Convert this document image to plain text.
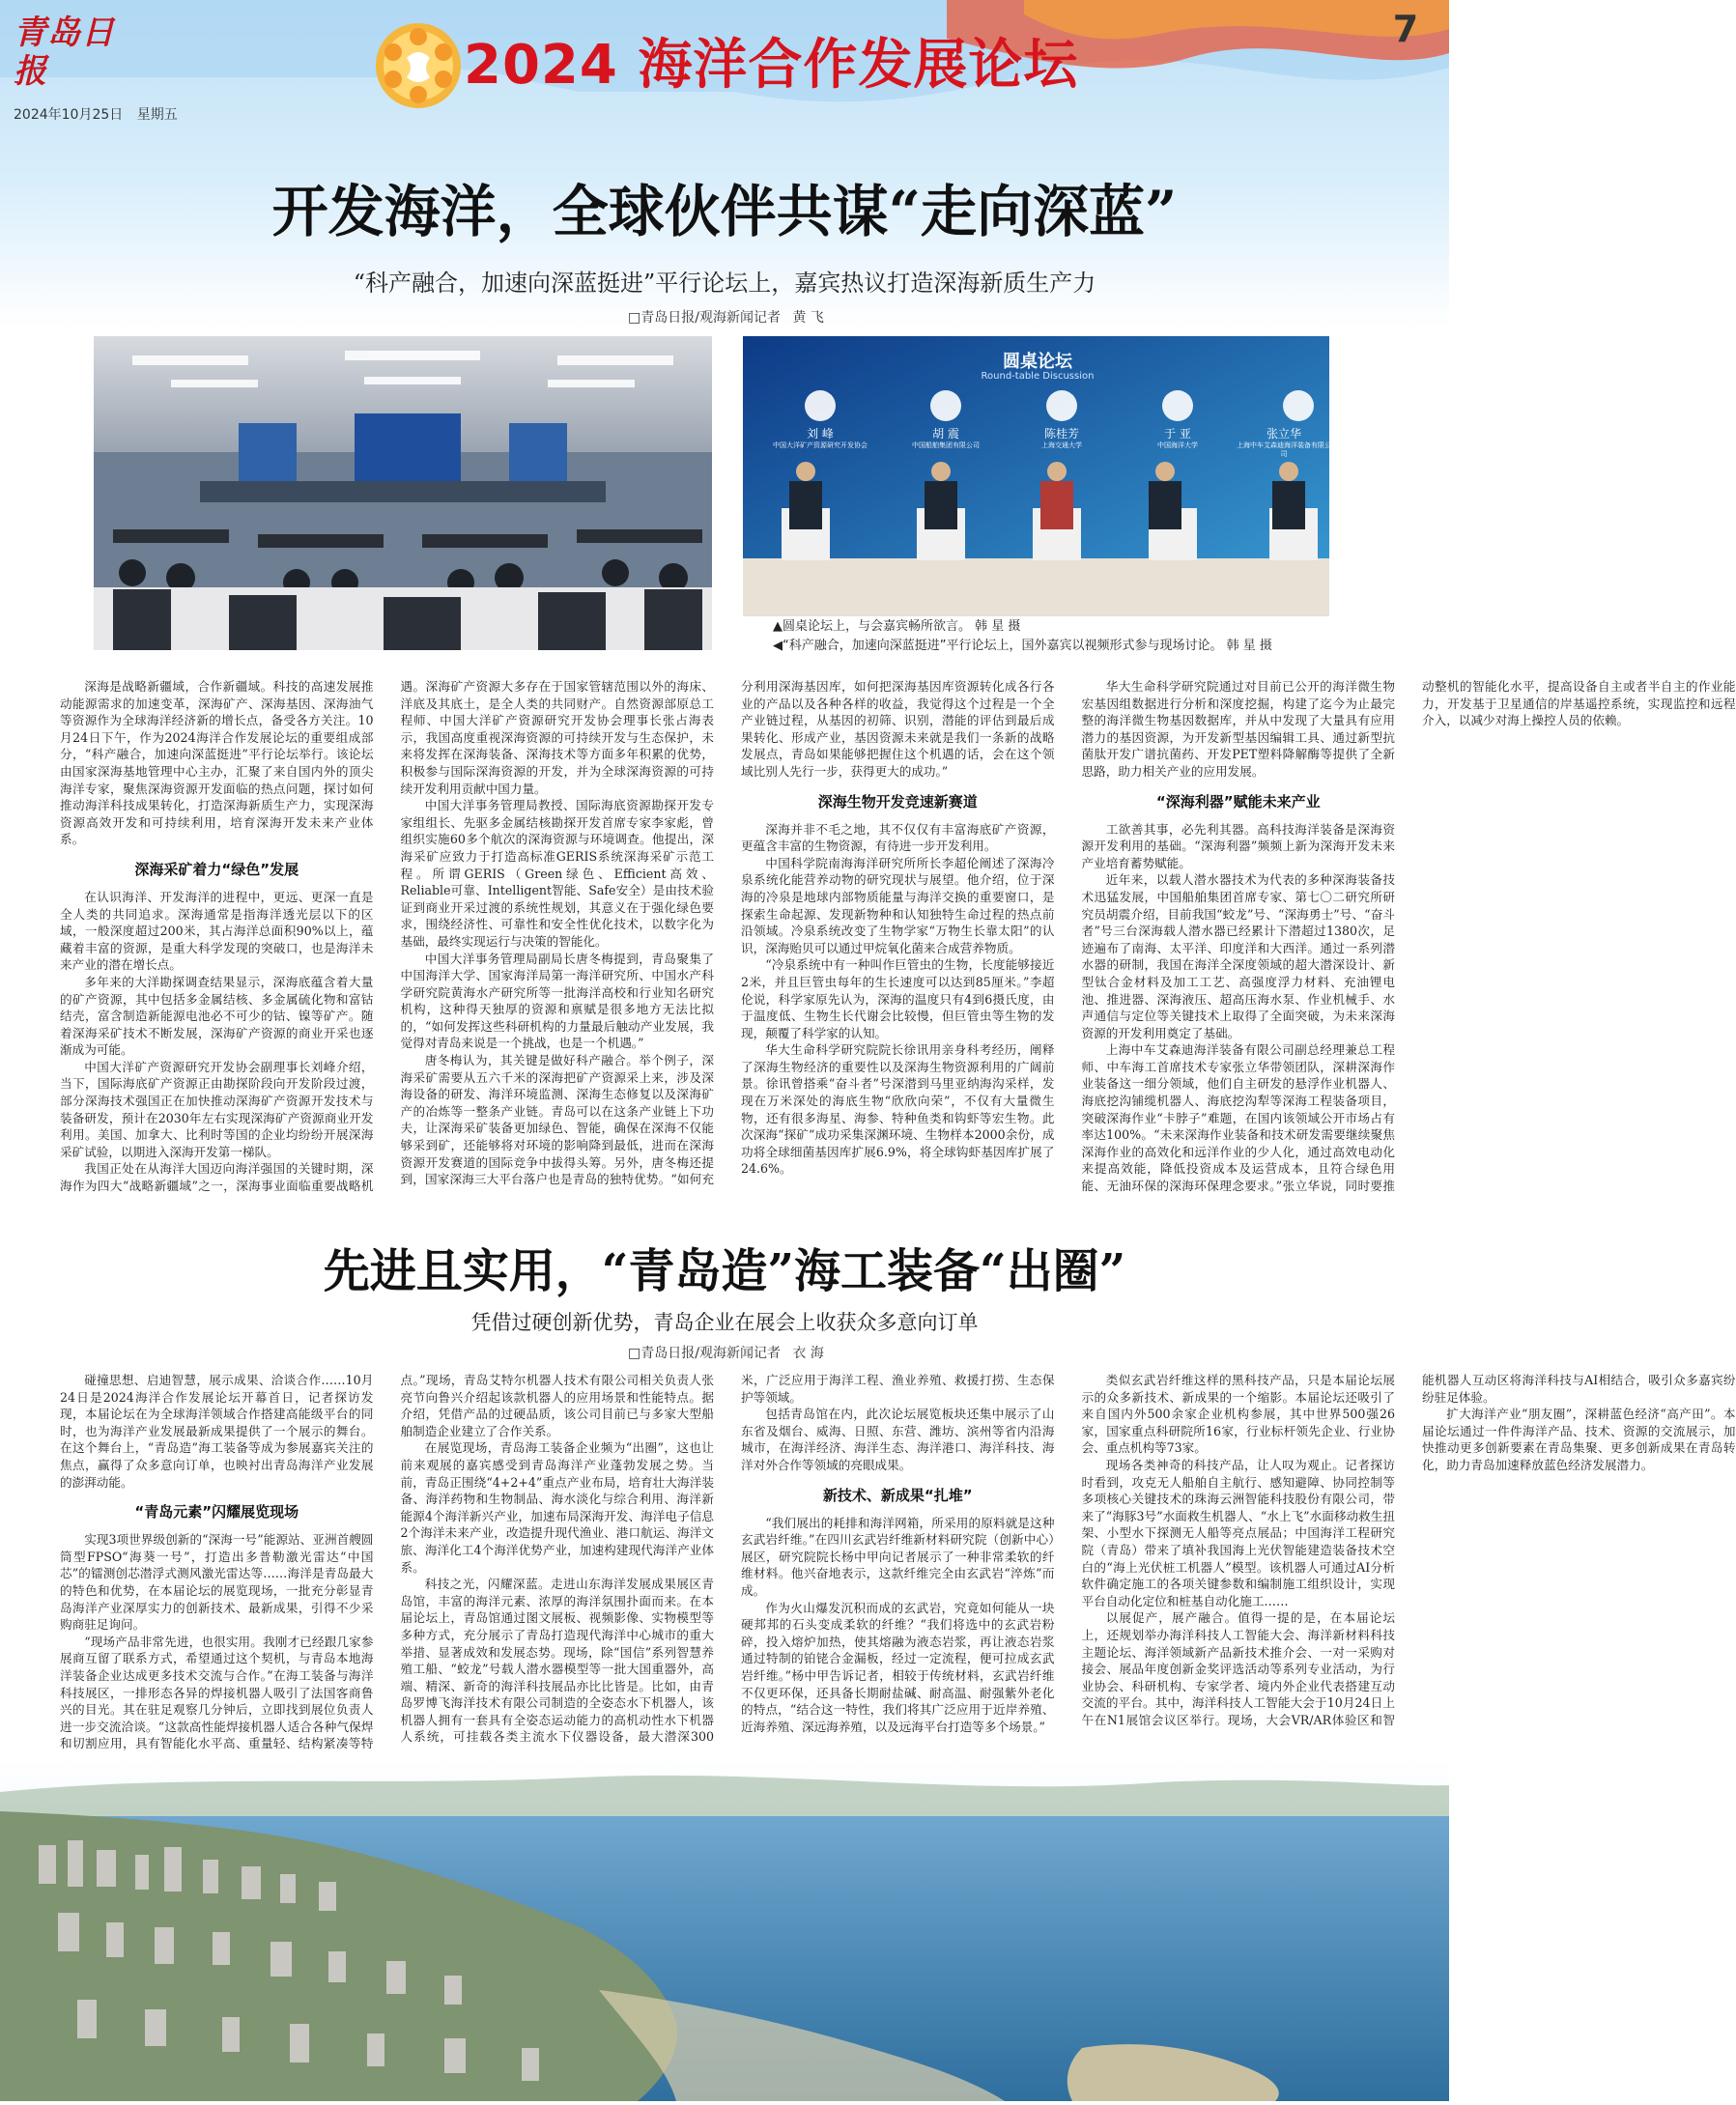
青岛日报
7
2024年10月25日 星期五
2024 海洋合作发展论坛
开发海洋，全球伙伴共谋“走向深蓝”
“科产融合，加速向深蓝挺进”平行论坛上，嘉宾热议打造深海新质生产力
□青岛日报/观海新闻记者 黄 飞
圆桌论坛
Round-table Discussion
刘 峰
中国大洋矿产资源研究开发协会
胡 震
中国船舶集团有限公司
陈桂芳
上海交通大学
于 亚
中国海洋大学
张立华
上海中车艾森迪海洋装备有限公司
▲圆桌论坛上，与会嘉宾畅所欲言。 韩 星 摄
◀“科产融合，加速向深蓝挺进”平行论坛上，国外嘉宾以视频形式参与现场讨论。 韩 星 摄

深海是战略新疆域，合作新疆域。科技的高速发展推动能源需求的加速变革，深海矿产、深海基因、深海油气等资源作为全球海洋经济新的增长点，备受各方关注。10月24日下午，作为2024海洋合作发展论坛的重要组成部分，“科产融合，加速向深蓝挺进”平行论坛举行。该论坛由国家深海基地管理中心主办，汇聚了来自国内外的顶尖海洋专家，聚焦深海资源开发面临的热点问题，探讨如何推动海洋科技成果转化，打造深海新质生产力，实现深海资源高效开发和可持续利用，培育深海开发未来产业体系。

深海采矿着力“绿色”发展

在认识海洋、开发海洋的进程中，更远、更深一直是全人类的共同追求。深海通常是指海洋透光层以下的区域，一般深度超过200米，其占海洋总面积90%以上，蕴藏着丰富的资源，是重大科学发现的突破口，也是海洋未来产业的潜在增长点。

多年来的大洋勘探调查结果显示，深海底蕴含着大量的矿产资源，其中包括多金属结核、多金属硫化物和富钴结壳，富含制造新能源电池必不可少的钴、镍等矿产。随着深海采矿技术不断发展，深海矿产资源的商业开采也逐渐成为可能。

中国大洋矿产资源研究开发协会副理事长刘峰介绍，当下，国际海底矿产资源正由勘探阶段向开发阶段过渡，部分深海技术强国正在加快推动深海矿产资源开发技术与装备研发，预计在2030年左右实现深海矿产资源商业开发利用。美国、加拿大、比利时等国的企业均纷纷开展深海采矿试验，以期进入深海开发第一梯队。

我国正处在从海洋大国迈向海洋强国的关键时期，深海作为四大“战略新疆域”之一，深海事业面临重要战略机遇。深海矿产资源大多存在于国家管辖范围以外的海床、洋底及其底土，是全人类的共同财产。自然资源部原总工程师、中国大洋矿产资源研究开发协会理事长张占海表示，我国高度重视深海资源的可持续开发与生态保护，未来将发挥在深海装备、深海技术等方面多年积累的优势，积极参与国际深海资源的开发，并为全球深海资源的可持续开发利用贡献中国力量。

中国大洋事务管理局教授、国际海底资源勘探开发专家组组长、先驱多金属结核勘探开发首席专家李家彪，曾组织实施60多个航次的深海资源与环境调查。他提出，深海采矿应致力于打造高标准GERIS系统深海采矿示范工程。所谓GERIS（Green绿色、Efficient高效、Reliable可靠、Intelligent智能、Safe安全）是由技术验证到商业开采过渡的系统性规划，其意义在于强化绿色要求，围绕经济性、可靠性和安全性优化技术，以数字化为基础，最终实现运行与决策的智能化。

中国大洋事务管理局副局长唐冬梅提到，青岛聚集了中国海洋大学、国家海洋局第一海洋研究所、中国水产科学研究院黄海水产研究所等一批海洋高校和行业知名研究机构，这种得天独厚的资源和禀赋是很多地方无法比拟的，“如何发挥这些科研机构的力量最后触动产业发展，我觉得对青岛来说是一个挑战，也是一个机遇。”

唐冬梅认为，其关键是做好科产融合。举个例子，深海采矿需要从五六千米的深海把矿产资源采上来，涉及深海设备的研发、海洋环境监测、深海生态修复以及深海矿产的冶炼等一整条产业链。青岛可以在这条产业链上下功夫，让深海采矿装备更加绿色、智能，确保在深海不仅能够采到矿，还能够将对环境的影响降到最低，进而在深海资源开发赛道的国际竞争中拔得头筹。另外，唐冬梅还提到，国家深海三大平台落户也是青岛的独特优势。“如何充分利用深海基因库，如何把深海基因库资源转化成各行各业的产品以及各种各样的收益，我觉得这个过程是一个全产业链过程，从基因的初筛、识别，潜能的评估到最后成果转化、形成产业，基因资源未来就是我们一条新的战略发展点，青岛如果能够把握住这个机遇的话，会在这个领域比别人先行一步，获得更大的成功。”

深海生物开发竞速新赛道

深海并非不毛之地，其不仅仅有丰富海底矿产资源，更蕴含丰富的生物资源，有待进一步开发利用。

中国科学院南海海洋研究所所长李超伦阐述了深海冷泉系统化能营养动物的研究现状与展望。他介绍，位于深海的冷泉是地球内部物质能量与海洋交换的重要窗口，是探索生命起源、发现新物种和认知独特生命过程的热点前沿领域。冷泉系统改变了生物学家“万物生长靠太阳”的认识，深海贻贝可以通过甲烷氧化菌来合成营养物质。

“冷泉系统中有一种叫作巨管虫的生物，长度能够接近2米，并且巨管虫每年的生长速度可以达到85厘米。”李超伦说，科学家原先认为，深海的温度只有4到6摄氏度，由于温度低、生物生长代谢会比较慢，但巨管虫等生物的发现，颠覆了科学家的认知。

华大生命科学研究院院长徐讯用亲身科考经历，阐释了深海生物经济的重要性以及深海生物资源利用的广阔前景。徐讯曾搭乘“奋斗者”号深潜到马里亚纳海沟采样，发现在万米深处的海底生物“欣欣向荣”，不仅有大量微生物，还有很多海星、海参、特种鱼类和钩虾等宏生物。此次深海“探矿”成功采集深渊环境、生物样本2000余份，成功将全球细菌基因库扩展6.9%，将全球钩虾基因库扩展了24.6%。

华大生命科学研究院通过对目前已公开的海洋微生物宏基因组数据进行分析和深度挖掘，构建了迄今为止最完整的海洋微生物基因数据库，并从中发现了大量具有应用潜力的基因资源，为开发新型基因编辑工具、通过新型抗菌肽开发广谱抗菌药、开发PET塑料降解酶等提供了全新思路，助力相关产业的应用发展。

“深海利器”赋能未来产业

工欲善其事，必先利其器。高科技海洋装备是深海资源开发利用的基础。“深海利器”频频上新为深海开发未来产业培育蓄势赋能。

近年来，以载人潜水器技术为代表的多种深海装备技术迅猛发展，中国船舶集团首席专家、第七〇二研究所研究员胡震介绍，目前我国“蛟龙”号、“深海勇士”号、“奋斗者”号三台深海载人潜水器已经累计下潜超过1380次，足迹遍布了南海、太平洋、印度洋和大西洋。通过一系列潜水器的研制，我国在海洋全深度领域的超大潜深设计、新型钛合金材料及加工工艺、高强度浮力材料、充油锂电池、推进器、深海液压、超高压海水泵、作业机械手、水声通信与定位等关键技术上取得了全面突破，为未来深海资源的开发利用奠定了基础。

上海中车艾森迪海洋装备有限公司副总经理兼总工程师、中车海工首席技术专家张立华带领团队，深耕深海作业装备这一细分领域，他们自主研发的悬浮作业机器人、海底挖沟铺缆机器人、海底挖沟犁等深海工程装备项目，突破深海作业“卡脖子”难题，在国内该领域公开市场占有率达100%。“未来深海作业装备和技术研发需要继续聚焦深海作业的高效化和远洋作业的少人化，通过高效电动化来提高效能，降低投资成本及运营成本，且符合绿色用能、无油环保的深海环保理念要求。”张立华说，同时要推动整机的智能化水平，提高设备自主或者半自主的作业能力，开发基于卫星通信的岸基遥控系统，实现监控和远程介入，以减少对海上操控人员的依赖。

先进且实用，“青岛造”海工装备“出圈”
凭借过硬创新优势，青岛企业在展会上收获众多意向订单
□青岛日报/观海新闻记者 衣 海

碰撞思想、启迪智慧，展示成果、洽谈合作……10月24日是2024海洋合作发展论坛开幕首日，记者探访发现，本届论坛在为全球海洋领域合作搭建高能级平台的同时，也为海洋产业发展最新成果提供了一个展示的舞台。在这个舞台上，“青岛造”海工装备等成为参展嘉宾关注的焦点，赢得了众多意向订单，也映衬出青岛海洋产业发展的澎湃动能。

“青岛元素”闪耀展览现场

实现3项世界级创新的“深海一号”能源站、亚洲首艘圆筒型FPSO“海葵一号”，打造出多普勒激光雷达“中国芯”的镭测创芯潜浮式测风激光雷达等……海洋是青岛最大的特色和优势，在本届论坛的展览现场，一批充分彰显青岛海洋产业深厚实力的创新技术、最新成果，引得不少采购商驻足询问。

“现场产品非常先进，也很实用。我刚才已经跟几家参展商互留了联系方式，希望通过这个契机，与青岛本地海洋装备企业达成更多技术交流与合作。”在海工装备与海洋科技展区，一排形态各异的焊接机器人吸引了法国客商鲁兴的目光。其在驻足观察几分钟后，立即找到展位负责人进一步交流洽谈。“这款高性能焊接机器人适合各种气保焊和切割应用，具有智能化水平高、重量轻、结构紧凑等特点。”现场，青岛艾特尔机器人技术有限公司相关负责人张亮节向鲁兴介绍起该款机器人的应用场景和性能特点。据介绍，凭借产品的过硬品质，该公司目前已与多家大型船舶制造企业建立了合作关系。

在展览现场，青岛海工装备企业频为“出圈”，这也让前来观展的嘉宾感受到青岛海洋产业蓬勃发展之势。当前，青岛正围绕“4+2+4”重点产业布局，培育壮大海洋装备、海洋药物和生物制品、海水淡化与综合利用、海洋新能源4个海洋新兴产业，加速布局深海开发、海洋电子信息2个海洋未来产业，改造提升现代渔业、港口航运、海洋文旅、海洋化工4个海洋优势产业，加速构建现代海洋产业体系。

科技之光，闪耀深蓝。走进山东海洋发展成果展区青岛馆，丰富的海洋元素、浓厚的海洋氛围扑面而来。在本届论坛上，青岛馆通过图文展板、视频影像、实物模型等多种方式，充分展示了青岛打造现代海洋中心城市的重大举措、显著成效和发展态势。现场，除“国信”系列智慧养殖工船、“蛟龙”号载人潜水器模型等一批大国重器外，高端、精深、新奇的海洋科技展品亦比比皆是。比如，由青岛罗博飞海洋技术有限公司制造的全姿态水下机器人，该机器人拥有一套具有全姿态运动能力的高机动性水下机器人系统，可挂载各类主流水下仪器设备，最大潜深300米，广泛应用于海洋工程、渔业养殖、救援打捞、生态保护等领域。

包括青岛馆在内，此次论坛展览板块还集中展示了山东省及烟台、威海、日照、东营、潍坊、滨州等省内沿海城市，在海洋经济、海洋生态、海洋港口、海洋科技、海洋对外合作等领域的亮眼成果。

新技术、新成果“扎堆”

“我们展出的耗排和海洋网箱，所采用的原料就是这种玄武岩纤维。”在四川玄武岩纤维新材料研究院（创新中心）展区，研究院院长杨中甲向记者展示了一种非常柔软的纤维材料。他兴奋地表示，这款纤维完全由玄武岩“淬炼”而成。

作为火山爆发沉积而成的玄武岩，究竟如何能从一块硬邦邦的石头变成柔软的纤维？“我们将选中的玄武岩粉碎，投入熔炉加热，使其熔融为液态岩浆，再让液态岩浆通过特制的铂铑合金漏板，经过一定流程，便可拉成玄武岩纤维。”杨中甲告诉记者，相较于传统材料，玄武岩纤维不仅更环保，还具备长期耐盐碱、耐高温、耐强紫外老化的特点，“结合这一特性，我们将其广泛应用于近岸养殖、近海养殖、深远海养殖，以及远海平台打造等多个场景。”

类似玄武岩纤维这样的黑科技产品，只是本届论坛展示的众多新技术、新成果的一个缩影。本届论坛还吸引了来自国内外500余家企业机构参展，其中世界500强26家，国家重点科研院所16家，行业标杆领先企业、行业协会、重点机构等73家。

现场各类神奇的科技产品，让人叹为观止。记者探访时看到，攻克无人船舶自主航行、感知避障、协同控制等多项核心关键技术的珠海云洲智能科技股份有限公司，带来了“海豚3号”水面救生机器人、“水上飞”水面移动救生扭架、小型水下探测无人船等亮点展品；中国海洋工程研究院（青岛）带来了填补我国海上光伏智能建造装备技术空白的“海上光伏桩工机器人”模型。该机器人可通过AI分析软件确定施工的各项关键参数和编制施工组织设计，实现平台自动化定位和桩基自动化施工……

以展促产，展产融合。值得一提的是，在本届论坛上，还规划举办海洋科技人工智能大会、海洋新材料科技主题论坛、海洋领域新产品新技术推介会、一对一采购对接会、展品年度创新金奖评选活动等系列专业活动，为行业协会、科研机构、专家学者、境内外企业代表搭建互动交流的平台。其中，海洋科技人工智能大会于10月24日上午在N1展馆会议区举行。现场，大会VR/AR体验区和智能机器人互动区将海洋科技与AI相结合，吸引众多嘉宾纷纷驻足体验。

扩大海洋产业“朋友圈”，深耕蓝色经济“高产田”。本届论坛通过一件件海洋产品、技术、资源的交流展示，加快推动更多创新要素在青岛集聚、更多创新成果在青岛转化，助力青岛加速释放蓝色经济发展潜力。
